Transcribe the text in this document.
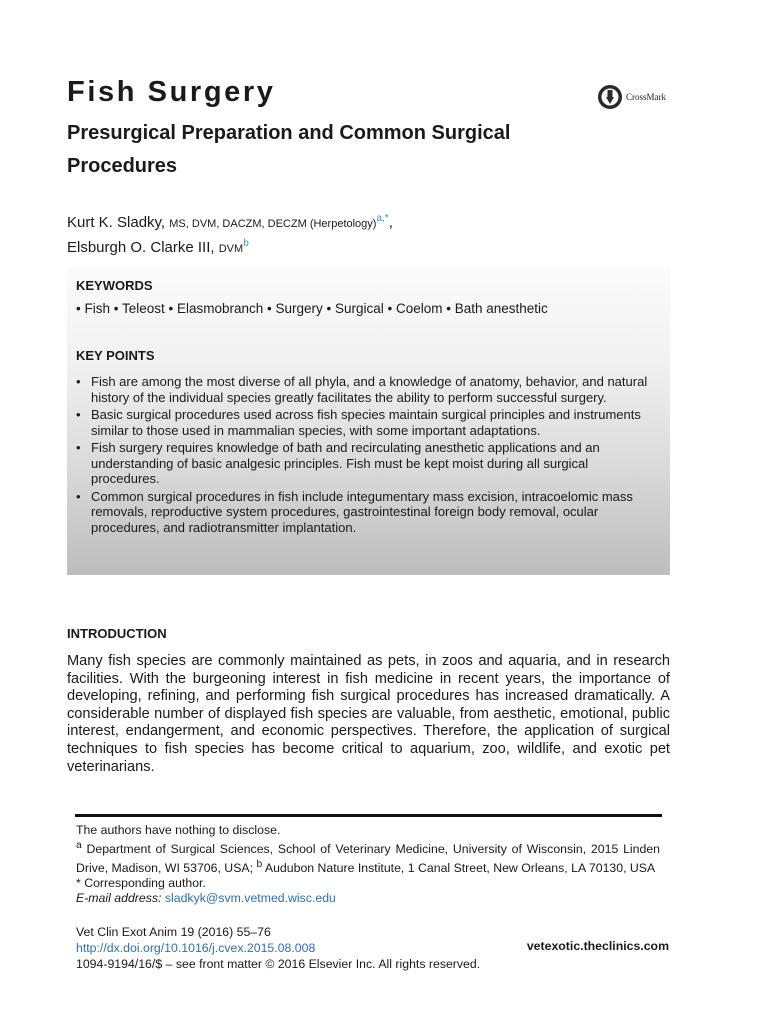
Fish Surgery
Presurgical Preparation and Common Surgical Procedures
CrossMark
Kurt K. Sladky, MS, DVM, DACZM, DECZM (Herpetology)$^{a,*}$,
Elsburgh O. Clarke III, DVM$^b$
KEYWORDS
• Fish • Teleost • Elasmobranch • Surgery • Surgical • Coelom • Bath anesthetic
KEY POINTS
• Fish are among the most diverse of all phyla, and a knowledge of anatomy, behavior, and natural history of the individual species greatly facilitates the ability to perform successful surgery.
• Basic surgical procedures used across fish species maintain surgical principles and instruments similar to those used in mammalian species, with some important adaptations.
• Fish surgery requires knowledge of bath and recirculating anesthetic applications and an understanding of basic analgesic principles. Fish must be kept moist during all surgical procedures.
• Common surgical procedures in fish include integumentary mass excision, intracoelomic mass removals, reproductive system procedures, gastrointestinal foreign body removal, ocular procedures, and radiotransmitter implantation.
INTRODUCTION

Many fish species are commonly maintained as pets, in zoos and aquaria, and in research facilities. With the burgeoning interest in fish medicine in recent years, the importance of developing, refining, and performing fish surgical procedures has increased dramatically. A considerable number of displayed fish species are valuable, from aesthetic, emotional, public interest, endangerment, and economic perspectives. Therefore, the application of surgical techniques to fish species has become critical to aquarium, zoo, wildlife, and exotic pet veterinarians.

The authors have nothing to disclose.

$^a$ Department of Surgical Sciences, School of Veterinary Medicine, University of Wisconsin, 2015 Linden Drive, Madison, WI 53706, USA; $^b$ Audubon Nature Institute, 1 Canal Street, New Orleans, LA 70130, USA

* Corresponding author.

E-mail address: sladkyk@svm.vetmed.wisc.edu

Vet Clin Exot Anim 19 (2016) 55–76
http://dx.doi.org/10.1016/j.cvex.2015.08.008
1094-9194/16/$ – see front matter © 2016 Elsevier Inc. All rights reserved.
vetexotic.theclinics.com
